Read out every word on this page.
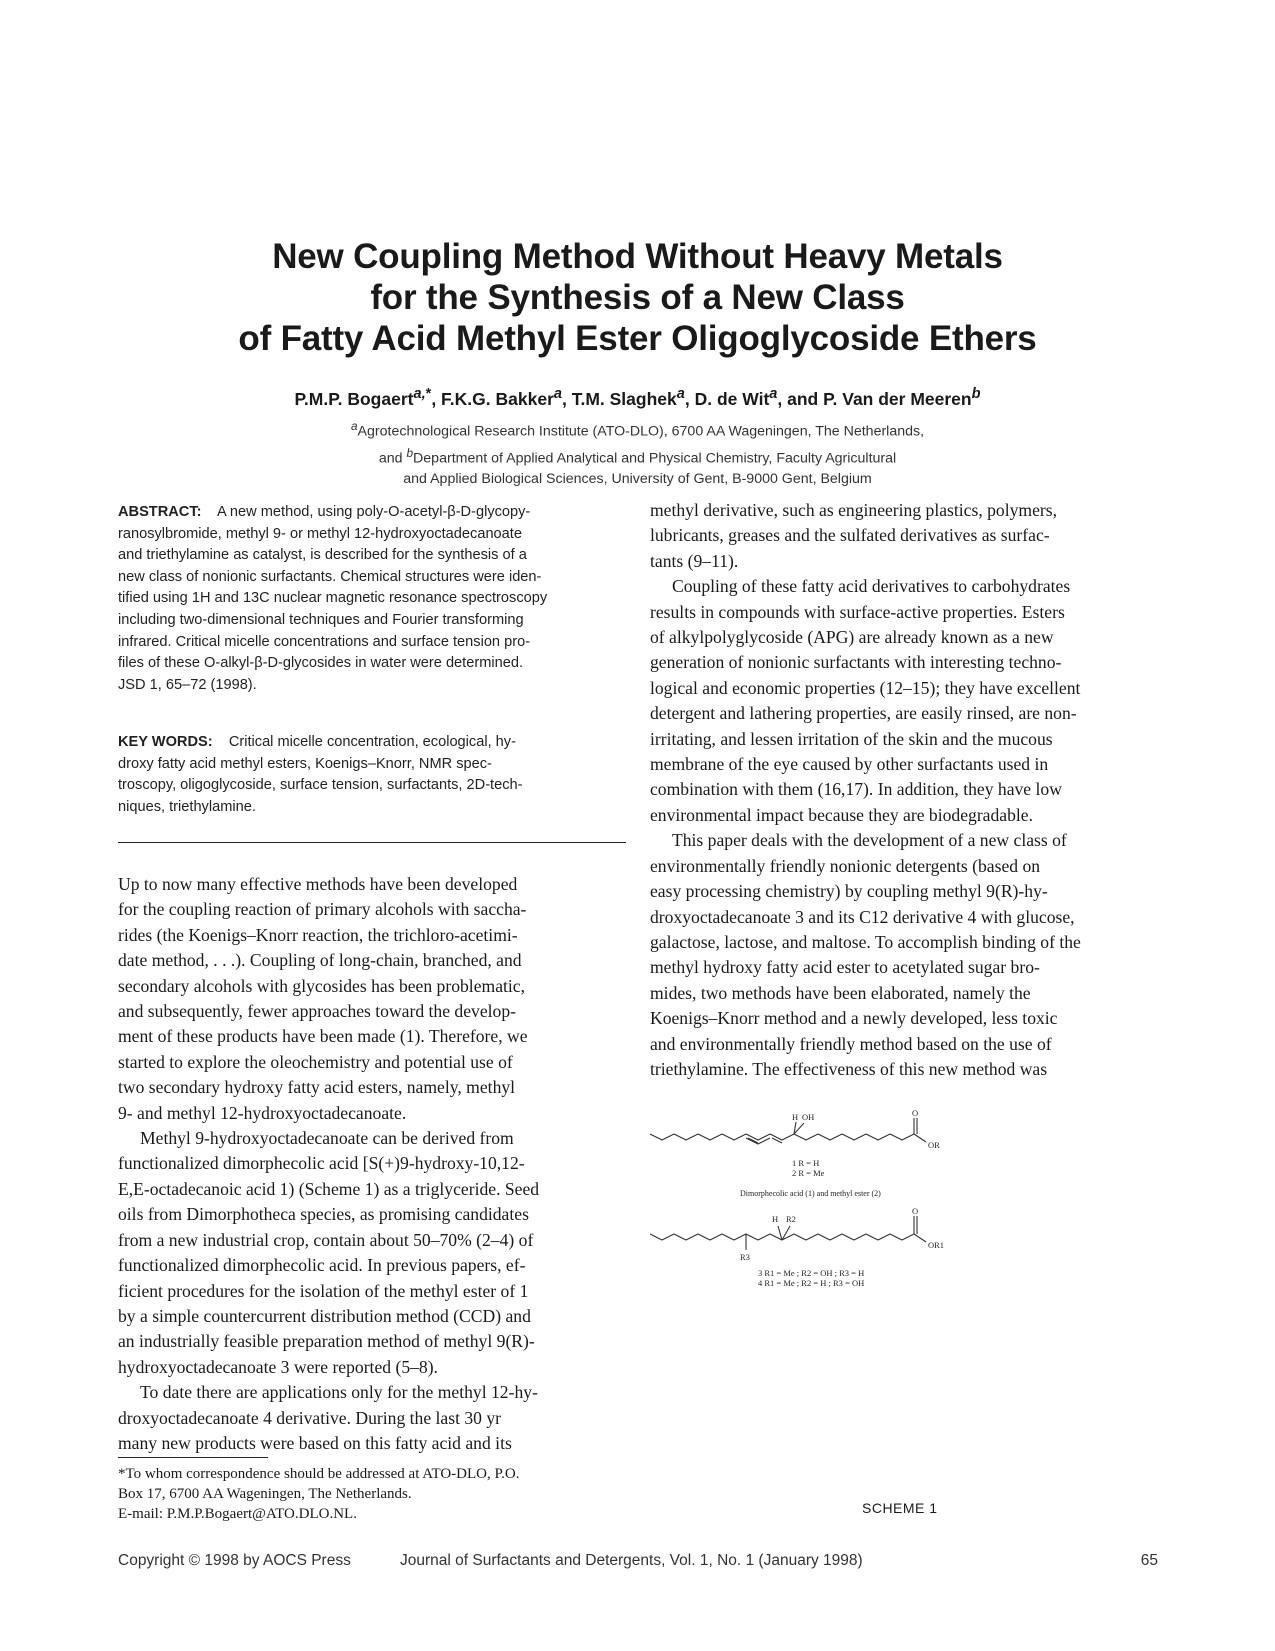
New Coupling Method Without Heavy Metals
for the Synthesis of a New Class
of Fatty Acid Methyl Ester Oligoglycoside Ethers
P.M.P. Bogaert$^{a,*}$, F.K.G. Bakker$^a$, T.M. Slaghek$^a$, D. de Wit$^a$, and P. Van der Meeren$^b$
$^a$Agrotechnological Research Institute (ATO-DLO), 6700 AA Wageningen, The Netherlands,
and $^b$Department of Applied Analytical and Physical Chemistry, Faculty Agricultural
and Applied Biological Sciences, University of Gent, B-9000 Gent, Belgium
ABSTRACT: A new method, using poly-O-acetyl-β-D-glycopy-
ranosylbromide, methyl 9- or methyl 12-hydroxyoctadecanoate
and triethylamine as catalyst, is described for the synthesis of a
new class of nonionic surfactants. Chemical structures were iden-
tified using 1H and 13C nuclear magnetic resonance spectroscopy
including two-dimensional techniques and Fourier transforming
infrared. Critical micelle concentrations and surface tension pro-
files of these O-alkyl-β-D-glycosides in water were determined.
JSD 1, 65–72 (1998).
KEY WORDS: Critical micelle concentration, ecological, hy-
droxy fatty acid methyl esters, Koenigs–Knorr, NMR spec-
troscopy, oligoglycoside, surface tension, surfactants, 2D-tech-
niques, triethylamine.
Up to now many effective methods have been developed
for the coupling reaction of primary alcohols with saccha-
rides (the Koenigs–Knorr reaction, the trichloro-acetimi-
date method, . . .). Coupling of long-chain, branched, and
secondary alcohols with glycosides has been problematic,
and subsequently, fewer approaches toward the develop-
ment of these products have been made (1). Therefore, we
started to explore the oleochemistry and potential use of
two secondary hydroxy fatty acid esters, namely, methyl
9- and methyl 12-hydroxyoctadecanoate.
Methyl 9-hydroxyoctadecanoate can be derived from
functionalized dimorphecolic acid [S(+)9-hydroxy-10,12-
E,E-octadecanoic acid 1) (Scheme 1) as a triglyceride. Seed
oils from Dimorphotheca species, as promising candidates
from a new industrial crop, contain about 50–70% (2–4) of
functionalized dimorphecolic acid. In previous papers, ef-
ficient procedures for the isolation of the methyl ester of 1
by a simple countercurrent distribution method (CCD) and
an industrially feasible preparation method of methyl 9(R)-
hydroxyoctadecanoate 3 were reported (5–8).
To date there are applications only for the methyl 12-hy-
droxyoctadecanoate 4 derivative. During the last 30 yr
many new products were based on this fatty acid and its
methyl derivative, such as engineering plastics, polymers,
lubricants, greases and the sulfated derivatives as surfac-
tants (9–11).
Coupling of these fatty acid derivatives to carbohydrates
results in compounds with surface-active properties. Esters
of alkylpolyglycoside (APG) are already known as a new
generation of nonionic surfactants with interesting techno-
logical and economic properties (12–15); they have excellent
detergent and lathering properties, are easily rinsed, are non-
irritating, and lessen irritation of the skin and the mucous
membrane of the eye caused by other surfactants used in
combination with them (16,17). In addition, they have low
environmental impact because they are biodegradable.
This paper deals with the development of a new class of
environmentally friendly nonionic detergents (based on
easy processing chemistry) by coupling methyl 9(R)-hy-
droxyoctadecanoate 3 and its C12 derivative 4 with glucose,
galactose, lactose, and maltose. To accomplish binding of the
methyl hydroxy fatty acid ester to acetylated sugar bro-
mides, two methods have been elaborated, namely the
Koenigs–Knorr method and a newly developed, less toxic
and environmentally friendly method based on the use of
triethylamine. The effectiveness of this new method was
H OH	O
OR
1 R = H
2 R = Me
Dimorphecolic acid (1) and methyl ester (2)
H R2
O
OR1
R3
3 R1 = Me ; R2 = OH ; R3 = H
4 R1 = Me ; R2 = H ; R3 = OH
SCHEME 1
*To whom correspondence should be addressed at ATO-DLO, P.O.
Box 17, 6700 AA Wageningen, The Netherlands.
E-mail: P.M.P.Bogaert@ATO.DLO.NL.
Copyright © 1998 by AOCS Press	Journal of Surfactants and Detergents, Vol. 1, No. 1 (January 1998)	65
